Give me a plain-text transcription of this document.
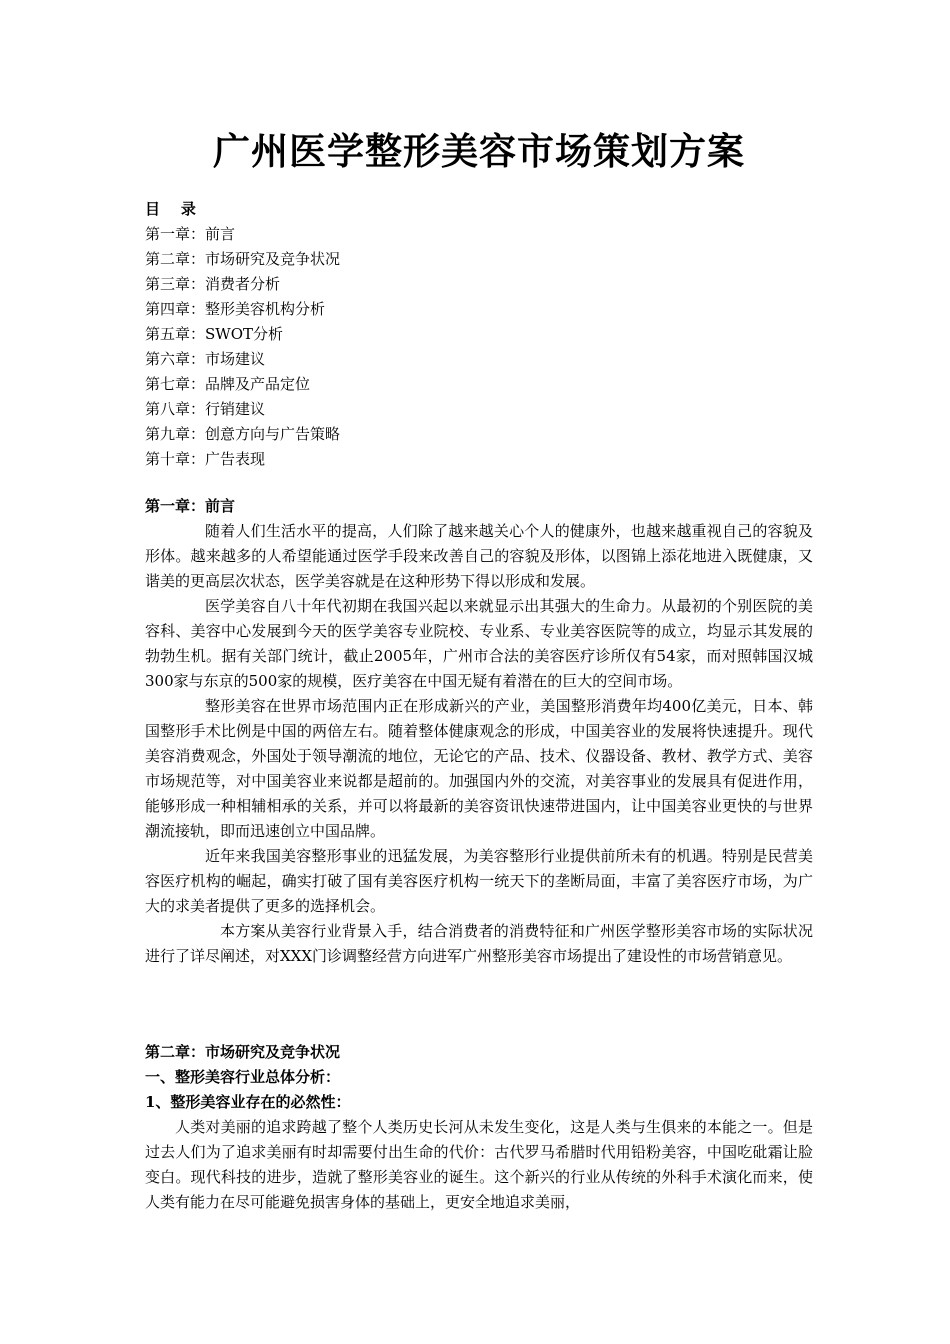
广州医学整形美容市场策划方案
目    录
第一章：前言
第二章：市场研究及竞争状况
第三章：消费者分析
第四章：整形美容机构分析
第五章：SWOT分析
第六章：市场建议
第七章：品牌及产品定位
第八章：行销建议
第九章：创意方向与广告策略
第十章：广告表现
第一章：前言

随着人们生活水平的提高，人们除了越来越关心个人的健康外，也越来越重视自己的容貌及形体。越来越多的人希望能通过医学手段来改善自己的容貌及形体，以图锦上添花地进入既健康，又谐美的更高层次状态，医学美容就是在这种形势下得以形成和发展。

医学美容自八十年代初期在我国兴起以来就显示出其强大的生命力。从最初的个别医院的美容科、美容中心发展到今天的医学美容专业院校、专业系、专业美容医院等的成立，均显示其发展的勃勃生机。据有关部门统计，截止2005年，广州市合法的美容医疗诊所仅有54家，而对照韩国汉城300家与东京的500家的规模，医疗美容在中国无疑有着潜在的巨大的空间市场。

整形美容在世界市场范围内正在形成新兴的产业，美国整形消费年均400亿美元，日本、韩国整形手术比例是中国的两倍左右。随着整体健康观念的形成，中国美容业的发展将快速提升。现代美容消费观念，外国处于领导潮流的地位，无论它的产品、技术、仪器设备、教材、教学方式、美容市场规范等，对中国美容业来说都是超前的。加强国内外的交流，对美容事业的发展具有促进作用，能够形成一种相辅相承的关系，并可以将最新的美容资讯快速带进国内，让中国美容业更快的与世界潮流接轨，即而迅速创立中国品牌。

近年来我国美容整形事业的迅猛发展，为美容整形行业提供前所未有的机遇。特别是民营美容医疗机构的崛起，确实打破了国有美容医疗机构一统天下的垄断局面，丰富了美容医疗市场，为广大的求美者提供了更多的选择机会。

本方案从美容行业背景入手，结合消费者的消费特征和广州医学整形美容市场的实际状况进行了详尽阐述，对XXX门诊调整经营方向进军广州整形美容市场提出了建设性的市场营销意见。

第二章：市场研究及竞争状况
一、整形美容行业总体分析：
1、整形美容业存在的必然性：

人类对美丽的追求跨越了整个人类历史长河从未发生变化，这是人类与生俱来的本能之一。但是过去人们为了追求美丽有时却需要付出生命的代价：古代罗马希腊时代用铅粉美容，中国吃砒霜让脸变白。现代科技的进步，造就了整形美容业的诞生。这个新兴的行业从传统的外科手术演化而来，使人类有能力在尽可能避免损害身体的基础上，更安全地追求美丽，
